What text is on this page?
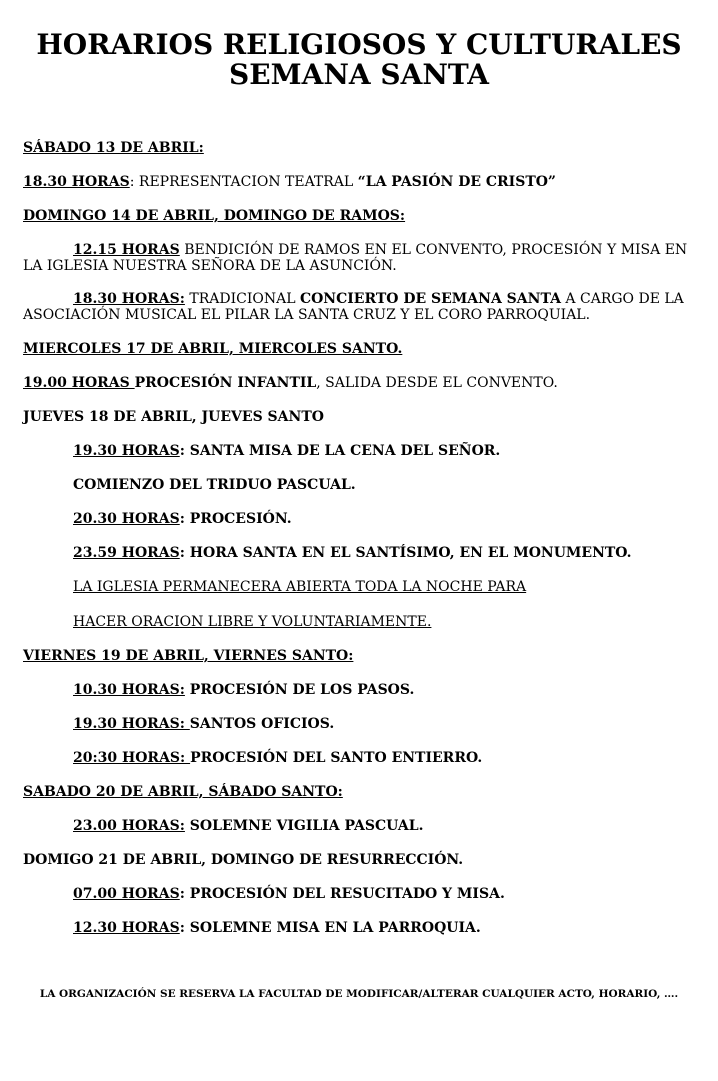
HORARIOS RELIGIOSOS Y CULTURALES
SEMANA SANTA
SÁBADO 13 DE ABRIL:
18.30 HORAS: REPRESENTACION TEATRAL “LA PASIÓN DE CRISTO”
DOMINGO 14 DE ABRIL, DOMINGO DE RAMOS:
12.15 HORAS BENDICIÓN DE RAMOS EN EL CONVENTO, PROCESIÓN Y MISA EN LA IGLESIA NUESTRA SEÑORA DE LA ASUNCIÓN.
18.30 HORAS: TRADICIONAL CONCIERTO DE SEMANA SANTA A CARGO DE LA ASOCIACIÓN MUSICAL EL PILAR LA SANTA CRUZ Y EL CORO PARROQUIAL.
MIERCOLES 17 DE ABRIL, MIERCOLES SANTO.
19.00 HORAS PROCESIÓN INFANTIL, SALIDA DESDE EL CONVENTO.
JUEVES 18 DE ABRIL, JUEVES SANTO
19.30 HORAS: SANTA MISA DE LA CENA DEL SEÑOR.
COMIENZO DEL TRIDUO PASCUAL.
20.30 HORAS: PROCESIÓN.
23.59 HORAS: HORA SANTA EN EL SANTÍSIMO, EN EL MONUMENTO.
LA IGLESIA PERMANECERA ABIERTA TODA LA NOCHE PARA
HACER ORACION LIBRE Y VOLUNTARIAMENTE.
VIERNES 19 DE ABRIL, VIERNES SANTO:
10.30 HORAS: PROCESIÓN DE LOS PASOS.
19.30 HORAS: SANTOS OFICIOS.
20:30 HORAS: PROCESIÓN DEL SANTO ENTIERRO.
SABADO 20 DE ABRIL, SÁBADO SANTO:
23.00 HORAS: SOLEMNE VIGILIA PASCUAL.
DOMIGO 21 DE ABRIL, DOMINGO DE RESURRECCIÓN.
07.00 HORAS: PROCESIÓN DEL RESUCITADO Y MISA.
12.30 HORAS: SOLEMNE MISA EN LA PARROQUIA.
LA ORGANIZACIÓN SE RESERVA LA FACULTAD DE MODIFICAR/ALTERAR CUALQUIER ACTO, HORARIO, ….
